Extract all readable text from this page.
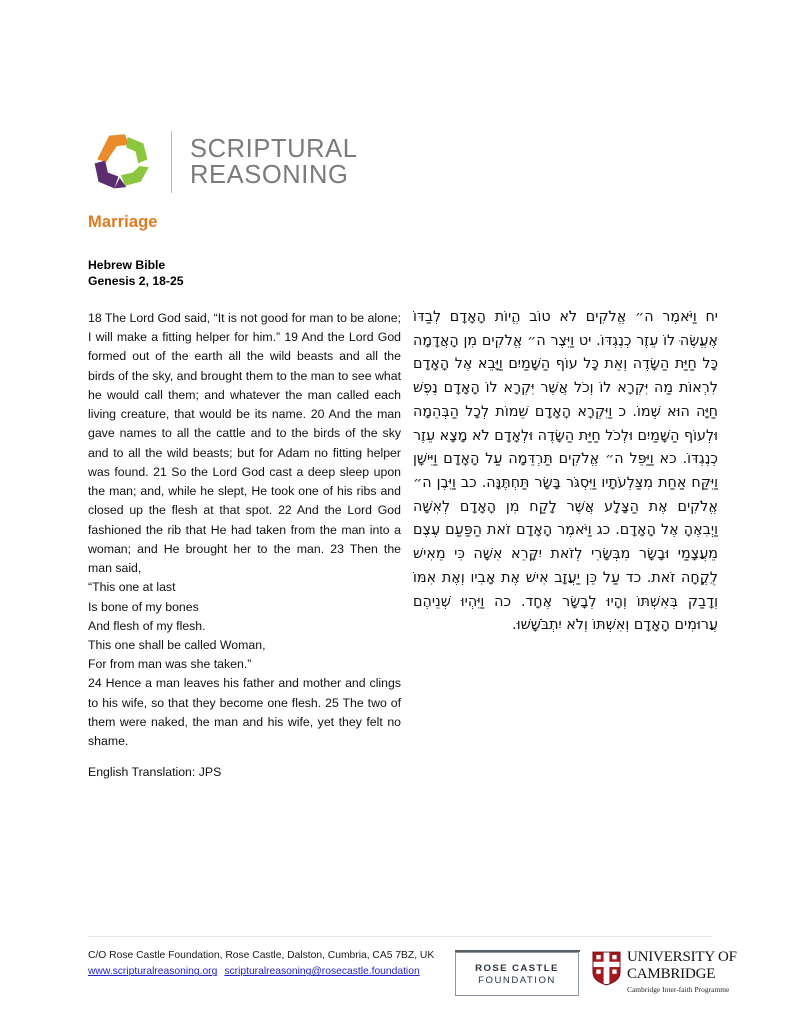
SCRIPTURAL
REASONING
Marriage
Hebrew Bible
Genesis 2, 18-25

18 The Lord God said, “It is not good for man to be alone; I will make a fitting helper for him.” 19 And the Lord God formed out of the earth all the wild beasts and all the birds of the sky, and brought them to the man to see what he would call them; and whatever the man called each living creature, that would be its name. 20 And the man gave names to all the cattle and to the birds of the sky and to all the wild beasts; but for Adam no fitting helper was found. 21 So the Lord God cast a deep sleep upon the man; and, while he slept, He took one of his ribs and closed up the flesh at that spot. 22 And the Lord God fashioned the rib that He had taken from the man into a woman; and He brought her to the man. 23 Then the man said,

“This one at last
Is bone of my bones
And flesh of my flesh.
This one shall be called Woman,
For from man was she taken.”

24 Hence a man leaves his father and mother and clings to his wife, so that they become one flesh. 25 The two of them were naked, the man and his wife, yet they felt no shame.

English Translation: JPS
יח וַיֹּאמֶר ה״ אֱלֹקִים לֹא טוֹב הֱיוֹת הָאָדָם לְבַדּוֹ אֶעֱשֶׂה ּלוֹ עֵזֶר כְנֶגְדּוֹ. יט וַיִּצֶר ה״ אֱלֹקִים מִן הָאֲדָמָה כָּל חַיַּת הַשָּׂדֶה וְאֵת כָּל עוֹף הַשָּׁמַיִם וַיָּבֵא אֶל הָאָדָם לִרְאוֹת מַה יִּקְרָא לוֹ וְכֹל אֲשֶׁר יִּקְרָא לוֹ הָאָדָם נֶפֶשׁ חַיָּה הוּא שְׁמוֹ. כ וַיִּקְרָא הָאָדָם שֵׁמוֹת לְכָל הַבְּהֵמָה וּלְעוֹף הַשָּׁמַיִם וּלְכֹל חַיַּת הַשָּׂדֶה וּלְאָדָם לֹא מָצָא עֵזֶר כְנֶגְדּוֹ. כא וַיַּפֵּל ה״ אֱלֹקִים תַּרְדֵּמָה עַל הָאָדָם וַיִּישָׁן וַיִּקַּח אַחַת מִצַּלְעֹתָיו וַיִּסְגֹּר בָּשָׂר תַּחְתֶּנָּה. כב וַיִּבֶן ה״ אֱלֹקִים אֶת הַצָּלָע אֲשֶׁר לָקַח מִן הָאָדָם לְאִשָּׁה וַיְבִאֶהָ אֶל הָאָדָם. כג וַיֹּאמֶר הָאָדָם זֹאת הַפַּעַם עֶצֶם מֵעֲצָמַי וּבָשָׂר מִבְּשָׂרִי לְזֹאת יִקָּרֵא אִשָּׁה כִּי מֵאִישׁ לֻקֳחָה זֹאת. כד עַל כֵּן יַעֲזָב אִישׁ אֶת אָבִיו וְאֶת אִמּוֹ וְדָבַק בְּאִשְׁתּוֹ וְהָיוּ לְבָשָׂר אֶחָד. כה וַיִּהְיוּ שְׁנֵיהֶם עֲרוּמִים הָאָדָם וְאִשְׁתּוֹ וְלֹא יִתְבֹּשָׁשׁוּ.
C/O Rose Castle Foundation, Rose Castle, Dalston, Cumbria, CA5 7BZ, UK
www.scripturalreasoning.org scripturalreasoning@rosecastle.foundation	ROSE CASTLE
FOUNDATION
UNIVERSITY OF
CAMBRIDGE
Cambridge Inter-faith Programme
